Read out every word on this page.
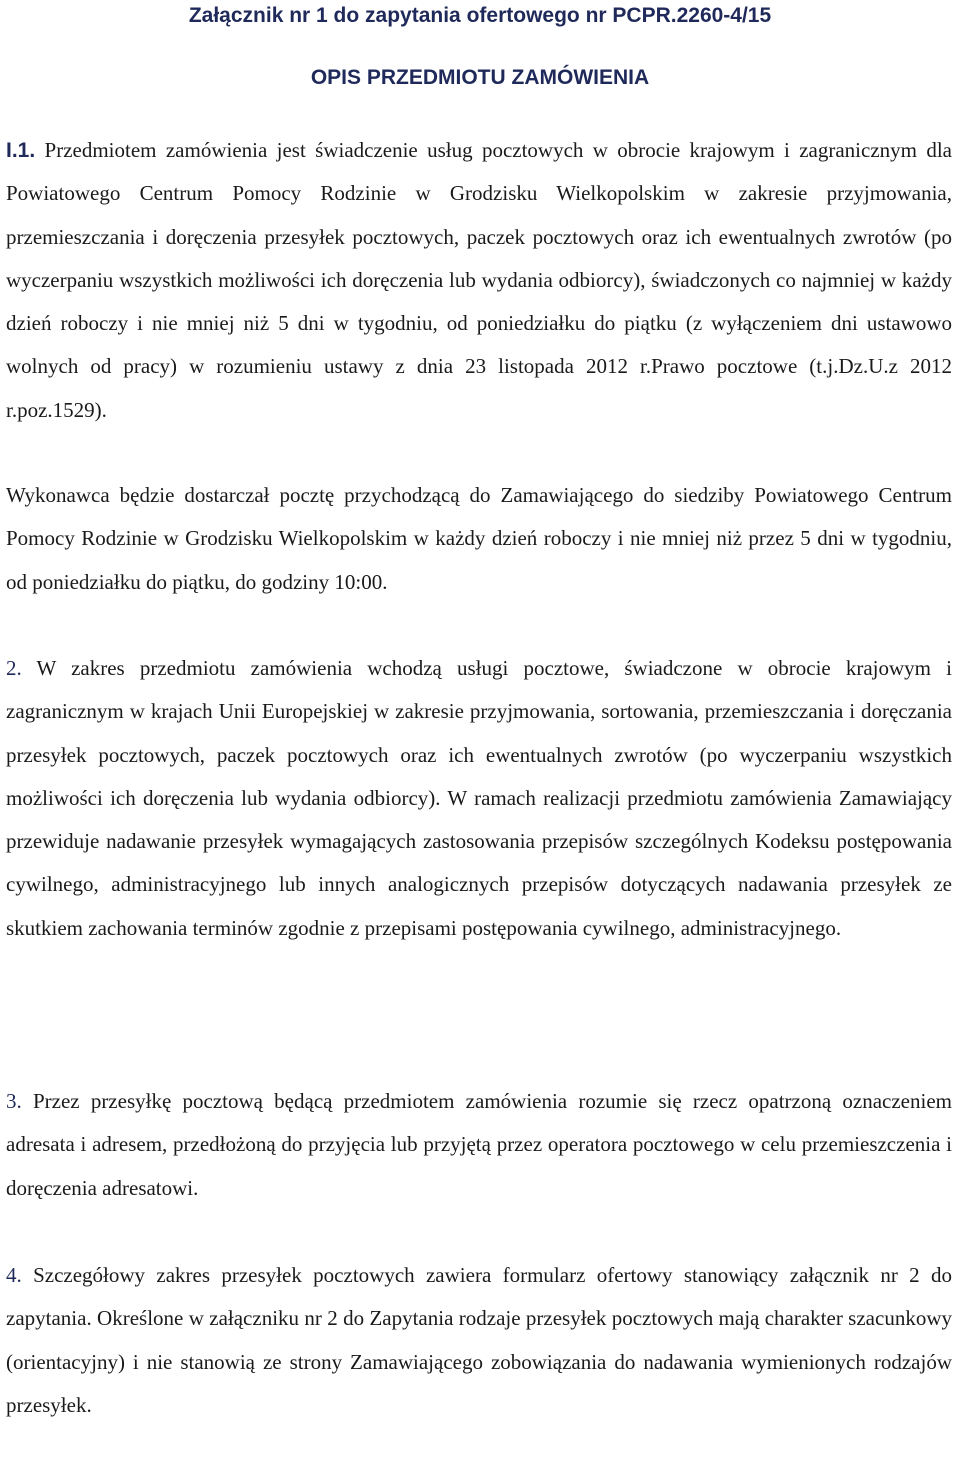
Załącznik nr 1 do zapytania ofertowego nr PCPR.2260-4/15
OPIS PRZEDMIOTU ZAMÓWIENIA

I.1. Przedmiotem zamówienia jest świadczenie usług pocztowych w obrocie krajowym i zagranicznym dla Powiatowego Centrum Pomocy Rodzinie w Grodzisku Wielkopolskim w zakresie przyjmowania, przemieszczania i doręczenia przesyłek pocztowych, paczek pocztowych oraz ich ewentualnych zwrotów (po wyczerpaniu wszystkich możliwości ich doręczenia lub wydania odbiorcy), świadczonych co najmniej w każdy dzień roboczy i nie mniej niż 5 dni w tygodniu, od poniedziałku do piątku (z wyłączeniem dni ustawowo wolnych od pracy) w rozumieniu ustawy z dnia 23 listopada 2012 r.Prawo pocztowe (t.j.Dz.U.z 2012 r.poz.1529).

Wykonawca będzie dostarczał pocztę przychodzącą do Zamawiającego do siedziby Powiatowego Centrum Pomocy Rodzinie w Grodzisku Wielkopolskim w każdy dzień roboczy i nie mniej niż przez 5 dni w tygodniu, od poniedziałku do piątku, do godziny 10:00.

2. W zakres przedmiotu zamówienia wchodzą usługi pocztowe, świadczone w obrocie krajowym i zagranicznym w krajach Unii Europejskiej w zakresie przyjmowania, sortowania, przemieszczania i doręczania przesyłek pocztowych, paczek pocztowych oraz ich ewentualnych zwrotów (po wyczerpaniu wszystkich możliwości ich doręczenia lub wydania odbiorcy). W ramach realizacji przedmiotu zamówienia Zamawiający przewiduje nadawanie przesyłek wymagających zastosowania przepisów szczególnych Kodeksu postępowania cywilnego, administracyjnego lub innych analogicznych przepisów dotyczących nadawania przesyłek ze skutkiem zachowania terminów zgodnie z przepisami postępowania cywilnego, administracyjnego.

3. Przez przesyłkę pocztową będącą przedmiotem zamówienia rozumie się rzecz opatrzoną oznaczeniem adresata i adresem, przedłożoną do przyjęcia lub przyjętą przez operatora pocztowego w celu przemieszczenia i doręczenia adresatowi.

4. Szczegółowy zakres przesyłek pocztowych zawiera formularz ofertowy stanowiący załącznik nr 2 do zapytania. Określone w załączniku nr 2 do Zapytania rodzaje przesyłek pocztowych mają charakter szacunkowy (orientacyjny) i nie stanowią ze strony Zamawiającego zobowiązania do nadawania wymienionych rodzajów przesyłek.
